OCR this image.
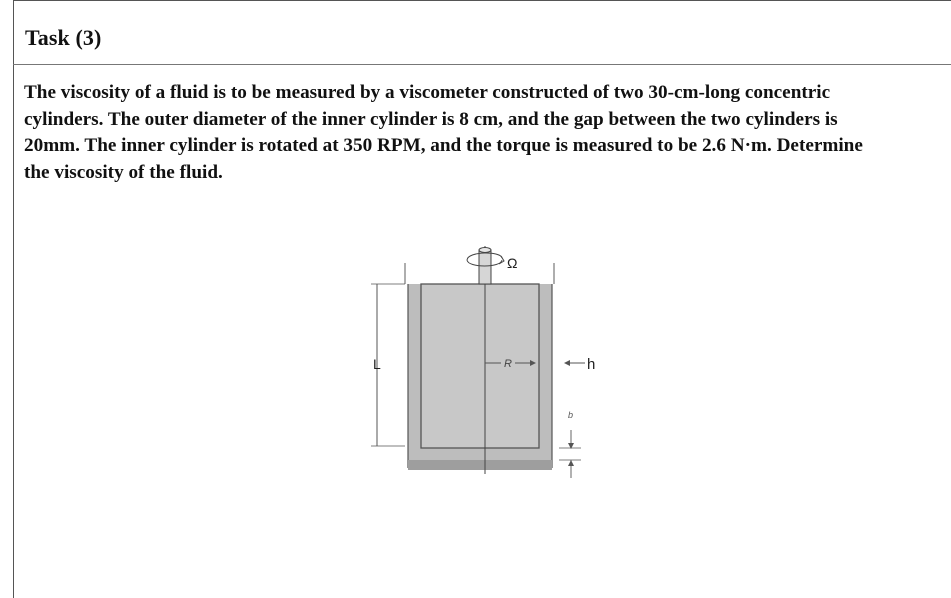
Task (3)

The viscosity of a fluid is to be measured by a viscometer constructed of two 30-cm-long concentric
cylinders. The outer diameter of the inner cylinder is 8 cm, and the gap between the two cylinders is
20mm. The inner cylinder is rotated at 350 RPM, and the torque is measured to be 2.6 N·m. Determine
the viscosity of the fluid.

Ω
L	R	h
b
